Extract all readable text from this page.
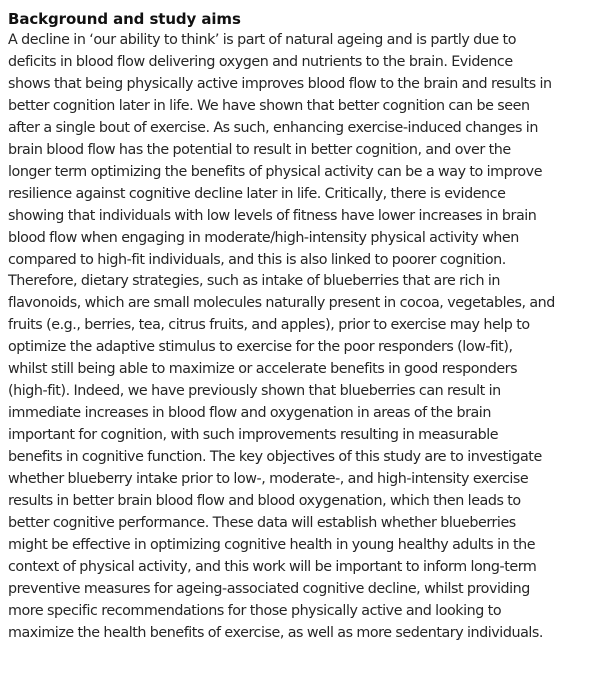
Background and study aims

A decline in ‘our ability to think’ is part of natural ageing and is partly due to
deficits in blood flow delivering oxygen and nutrients to the brain. Evidence
shows that being physically active improves blood flow to the brain and results in
better cognition later in life. We have shown that better cognition can be seen
after a single bout of exercise. As such, enhancing exercise-induced changes in
brain blood flow has the potential to result in better cognition, and over the
longer term optimizing the benefits of physical activity can be a way to improve
resilience against cognitive decline later in life. Critically, there is evidence
showing that individuals with low levels of fitness have lower increases in brain
blood flow when engaging in moderate/high-intensity physical activity when
compared to high-fit individuals, and this is also linked to poorer cognition.
Therefore, dietary strategies, such as intake of blueberries that are rich in
flavonoids, which are small molecules naturally present in cocoa, vegetables, and
fruits (e.g., berries, tea, citrus fruits, and apples), prior to exercise may help to
optimize the adaptive stimulus to exercise for the poor responders (low-fit),
whilst still being able to maximize or accelerate benefits in good responders
(high-fit). Indeed, we have previously shown that blueberries can result in
immediate increases in blood flow and oxygenation in areas of the brain
important for cognition, with such improvements resulting in measurable
benefits in cognitive function. The key objectives of this study are to investigate
whether blueberry intake prior to low-, moderate-, and high-intensity exercise
results in better brain blood flow and blood oxygenation, which then leads to
better cognitive performance. These data will establish whether blueberries
might be effective in optimizing cognitive health in young healthy adults in the
context of physical activity, and this work will be important to inform long-term
preventive measures for ageing-associated cognitive decline, whilst providing
more specific recommendations for those physically active and looking to
maximize the health benefits of exercise, as well as more sedentary individuals.
